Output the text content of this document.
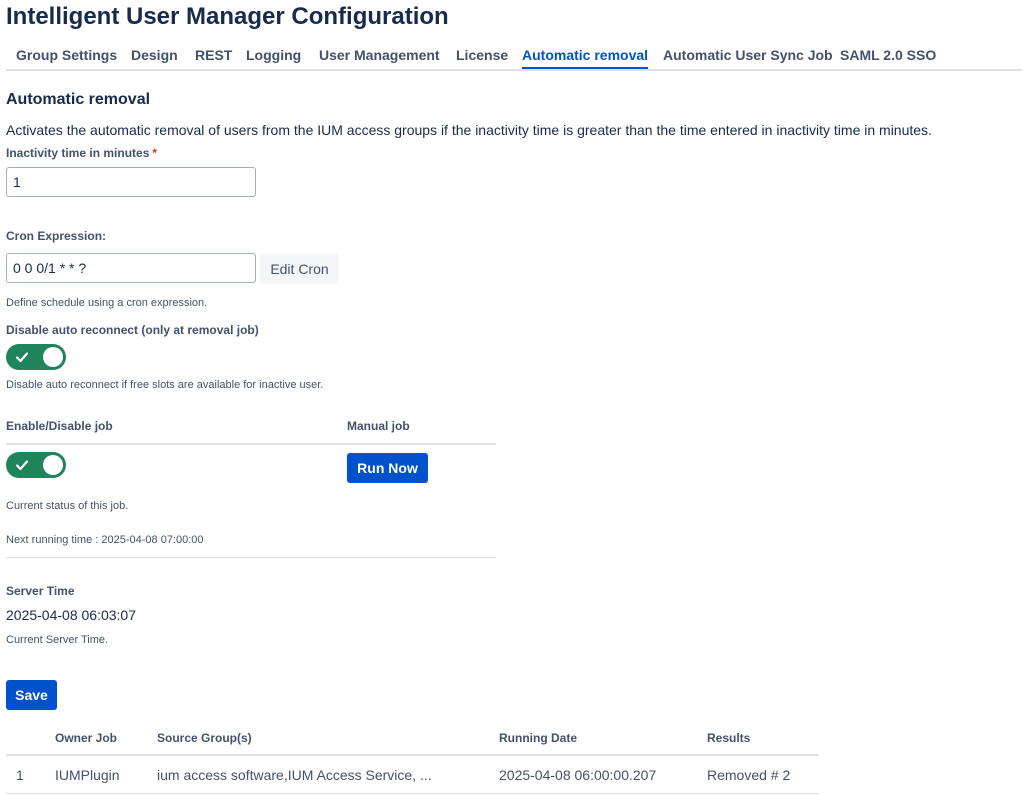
Intelligent User Manager Configuration
Group Settings Design REST Logging User Management License Automatic removal Automatic User Sync Job SAML 2.0 SSO
Automatic removal
Activates the automatic removal of users from the IUM access groups if the inactivity time is greater than the time entered in inactivity time in minutes.
Inactivity time in minutes *
1
Cron Expression:
0 0 0/1 * * ?	Edit Cron
Define schedule using a cron expression.
Disable auto reconnect (only at removal job)
Disable auto reconnect if free slots are available for inactive user.
Enable/Disable job	Manual job
Run Now
Current status of this job.
Next running time : 2025-04-08 07:00:00
Server Time
2025-04-08 06:03:07
Current Server Time.
Save
Owner Job	Source Group(s)	Running Date	Results
1 IUMPlugin	ium access software,IUM Access Service, ...	2025-04-08 06:00:00.207	Removed # 2
